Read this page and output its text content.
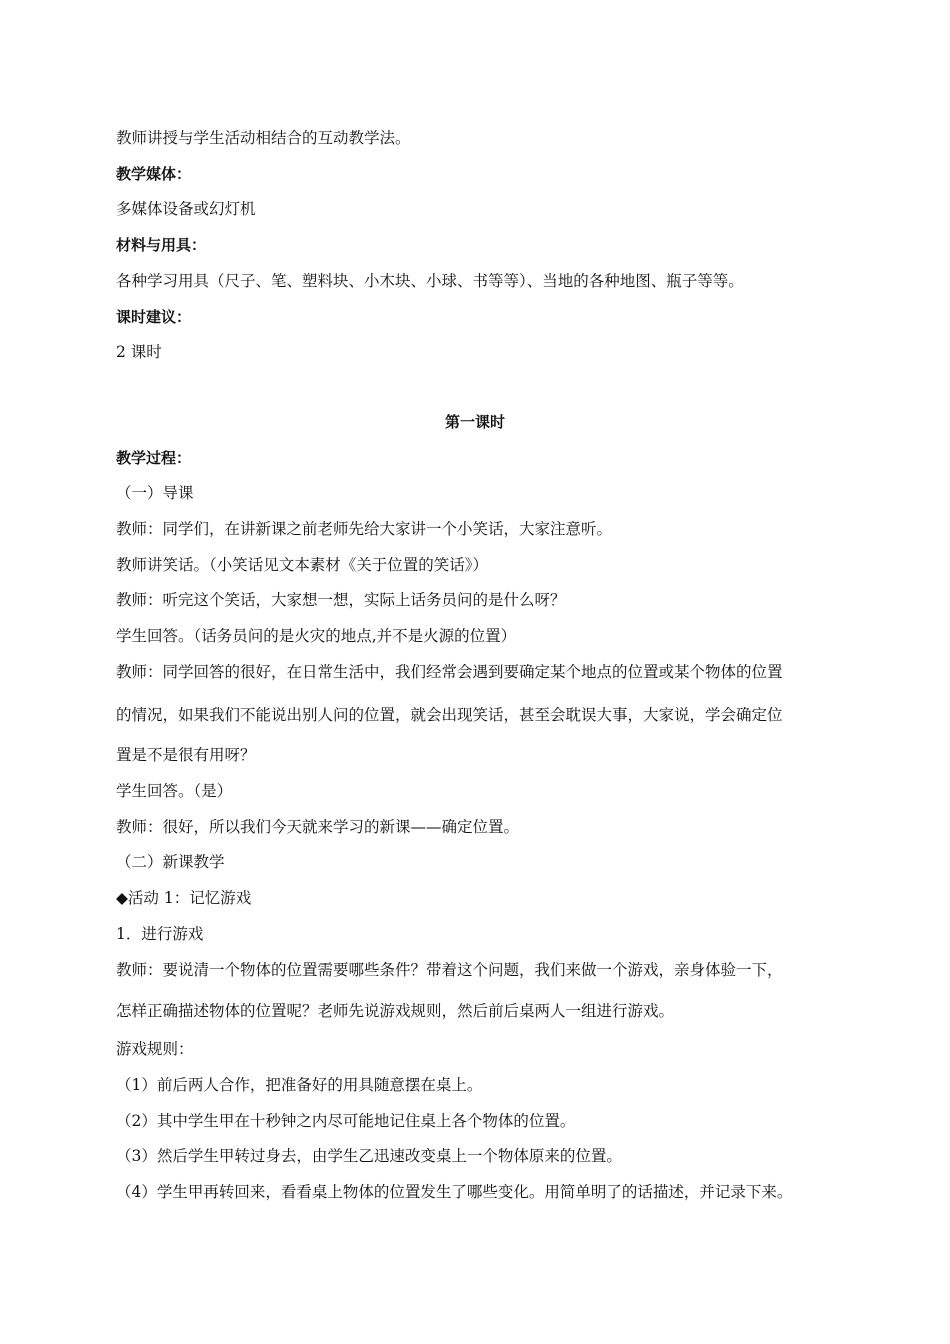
教师讲授与学生活动相结合的互动教学法。
教学媒体：
多媒体设备或幻灯机
材料与用具：
各种学习用具（尺子、笔、塑料块、小木块、小球、书等等）、当地的各种地图、瓶子等等。
课时建议：
2 课时
第一课时
教学过程：
（一）导课
教师：同学们，在讲新课之前老师先给大家讲一个小笑话，大家注意听。
教师讲笑话。（小笑话见文本素材《关于位置的笑话》）
教师：听完这个笑话，大家想一想，实际上话务员问的是什么呀？
学生回答。（话务员问的是火灾的地点,并不是火源的位置）
教师：同学回答的很好，在日常生活中，我们经常会遇到要确定某个地点的位置或某个物体的位置
的情况，如果我们不能说出别人问的位置，就会出现笑话，甚至会耽误大事，大家说，学会确定位
置是不是很有用呀？
学生回答。（是）
教师：很好，所以我们今天就来学习的新课——确定位置。
（二）新课教学
◆活动 1：记忆游戏
1．进行游戏
教师：要说清一个物体的位置需要哪些条件？带着这个问题，我们来做一个游戏，亲身体验一下，
怎样正确描述物体的位置呢？老师先说游戏规则，然后前后桌两人一组进行游戏。
游戏规则：
（1）前后两人合作，把准备好的用具随意摆在桌上。
（2）其中学生甲在十秒钟之内尽可能地记住桌上各个物体的位置。
（3）然后学生甲转过身去，由学生乙迅速改变桌上一个物体原来的位置。
（4）学生甲再转回来，看看桌上物体的位置发生了哪些变化。用简单明了的话描述，并记录下来。
